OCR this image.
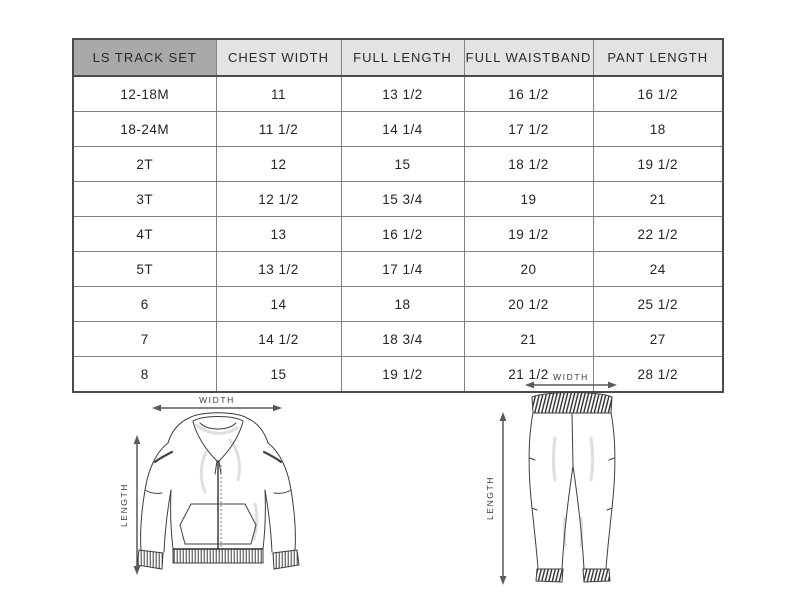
LS TRACK SET	CHEST WIDTH	FULL LENGTH	FULL WAISTBAND	PANT LENGTH
12-18M	11	13 1/2	16 1/2	16 1/2
18-24M	11 1/2	14 1/4	17 1/2	18
2T	12	15	18 1/2	19 1/2
3T	12 1/2	15 3/4	19	21
4T	13	16 1/2	19 1/2	22 1/2
5T	13 1/2	17 1/4	20	24
6	14	18	20 1/2	25 1/2
7	14 1/2	18 3/4	21	27
8	15	19 1/2	21 1/2	28 1/2
WIDTH
LENGTH
WIDTH
LENGTH
